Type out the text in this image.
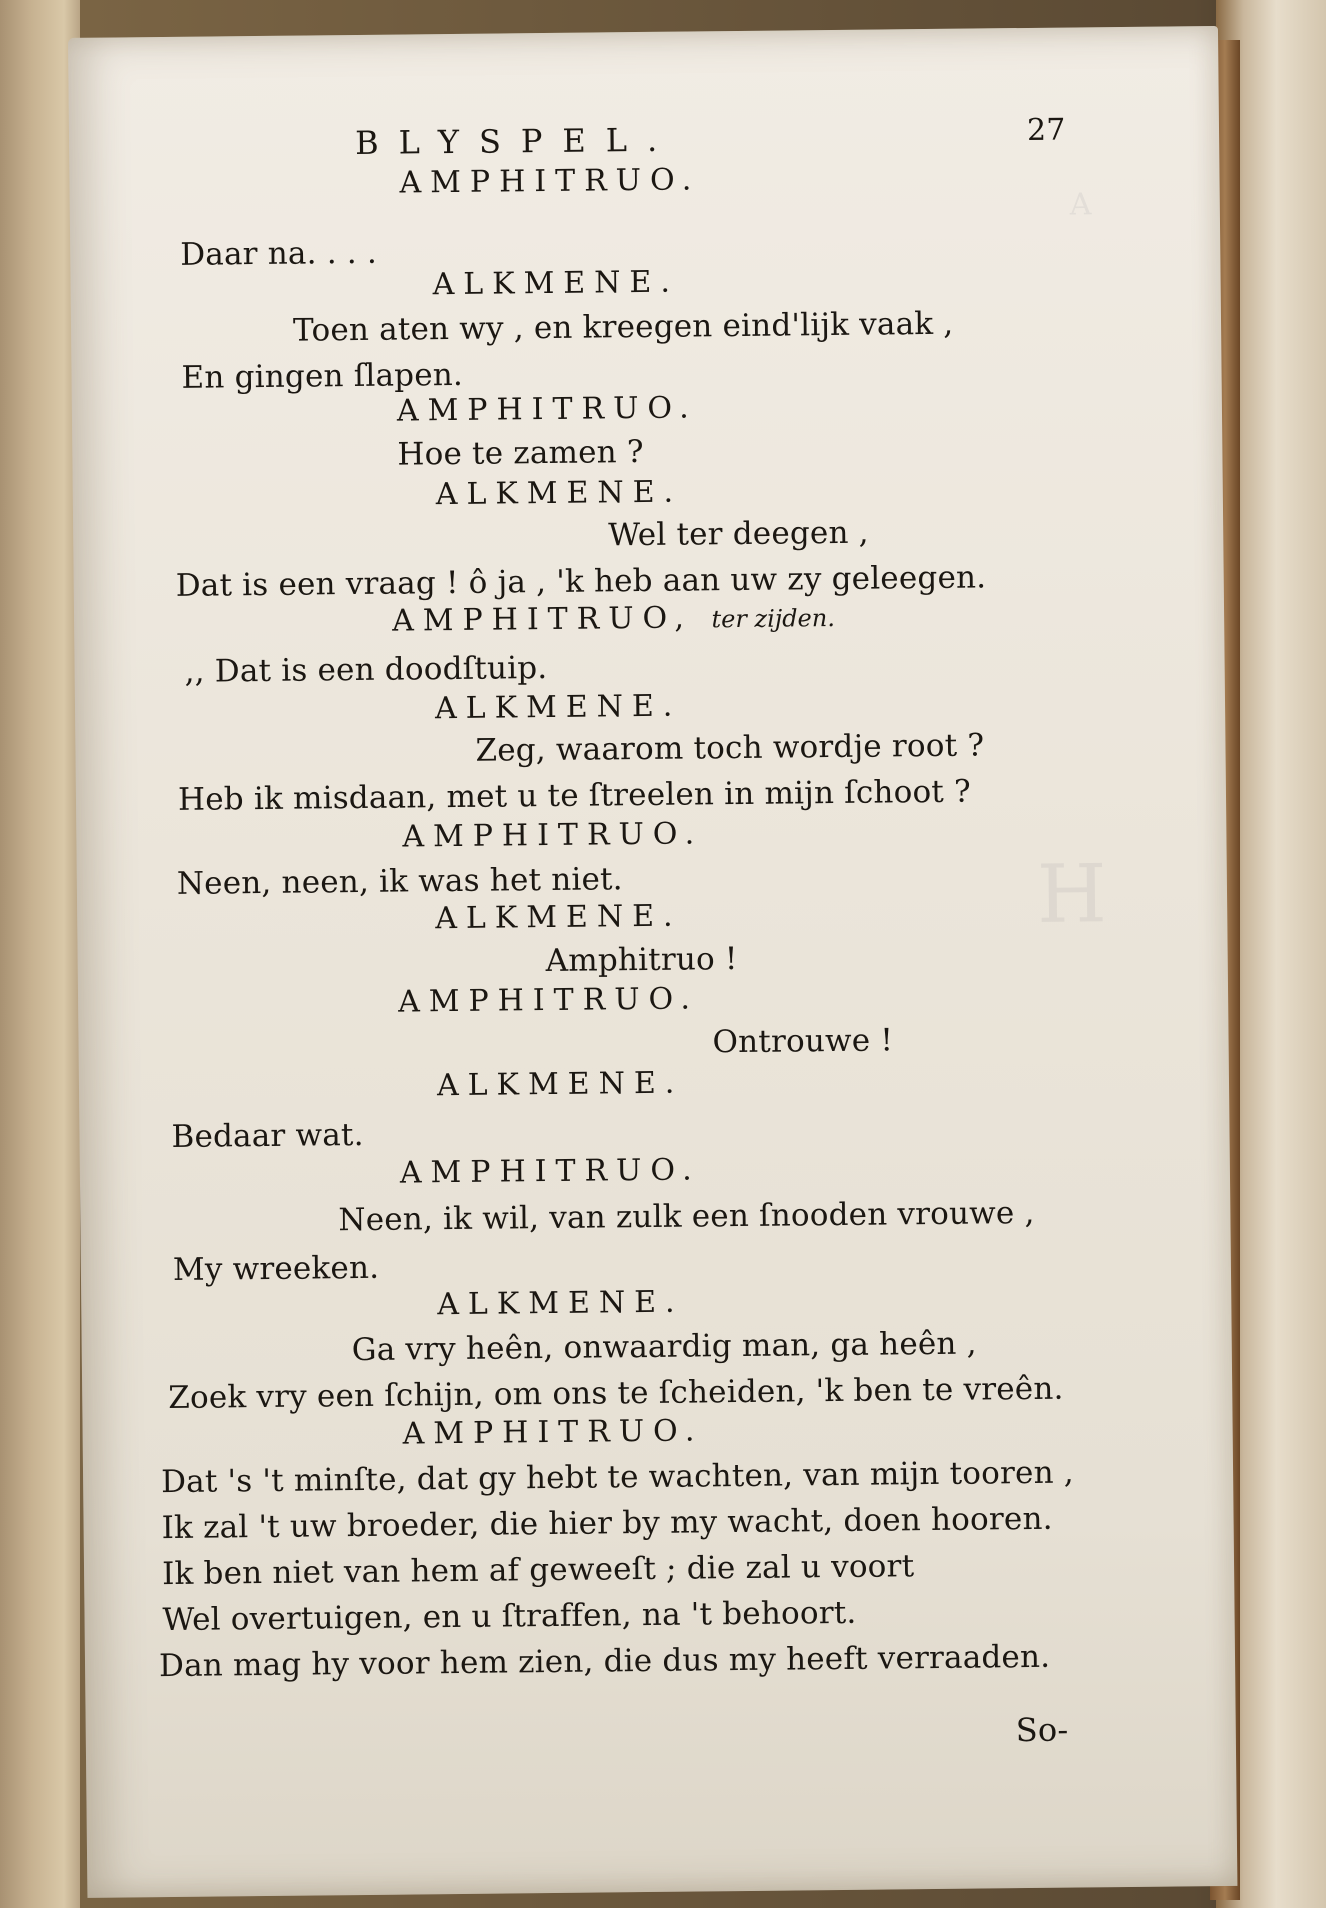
A
H
BLYSPEL.	27
AMPHITRUO.
Daar na. . . .
ALKMENE.
Toen aten wy , en kreegen eind'lijk vaak ,
En gingen ſlapen.
AMPHITRUO.
Hoe te zamen ?
ALKMENE.
Wel ter deegen ,
Dat is een vraag ! ô ja , 'k heb aan uw zy geleegen.
AMPHITRUO, ter zijden.
,, Dat is een doodſtuip.
ALKMENE.
Zeg, waarom toch wordje root ?
Heb ik misdaan, met u te ſtreelen in mijn ſchoot ?
AMPHITRUO.
Neen, neen, ik was het niet.
ALKMENE.
Amphitruo !
AMPHITRUO.
Ontrouwe !
ALKMENE.
Bedaar wat.
AMPHITRUO.
Neen, ik wil, van zulk een ſnooden vrouwe ,
My wreeken.
ALKMENE.
Ga vry heên, onwaardig man, ga heên ,
Zoek vry een ſchijn, om ons te ſcheiden, 'k ben te vreên.
AMPHITRUO.
Dat 's 't minſte, dat gy hebt te wachten, van mijn tooren ,
Ik zal 't uw broeder, die hier by my wacht, doen hooren.
Ik ben niet van hem af geweeſt ; die zal u voort
Wel overtuigen, en u ſtraffen, na 't behoort.
Dan mag hy voor hem zien, die dus my heeft verraaden.
So-
